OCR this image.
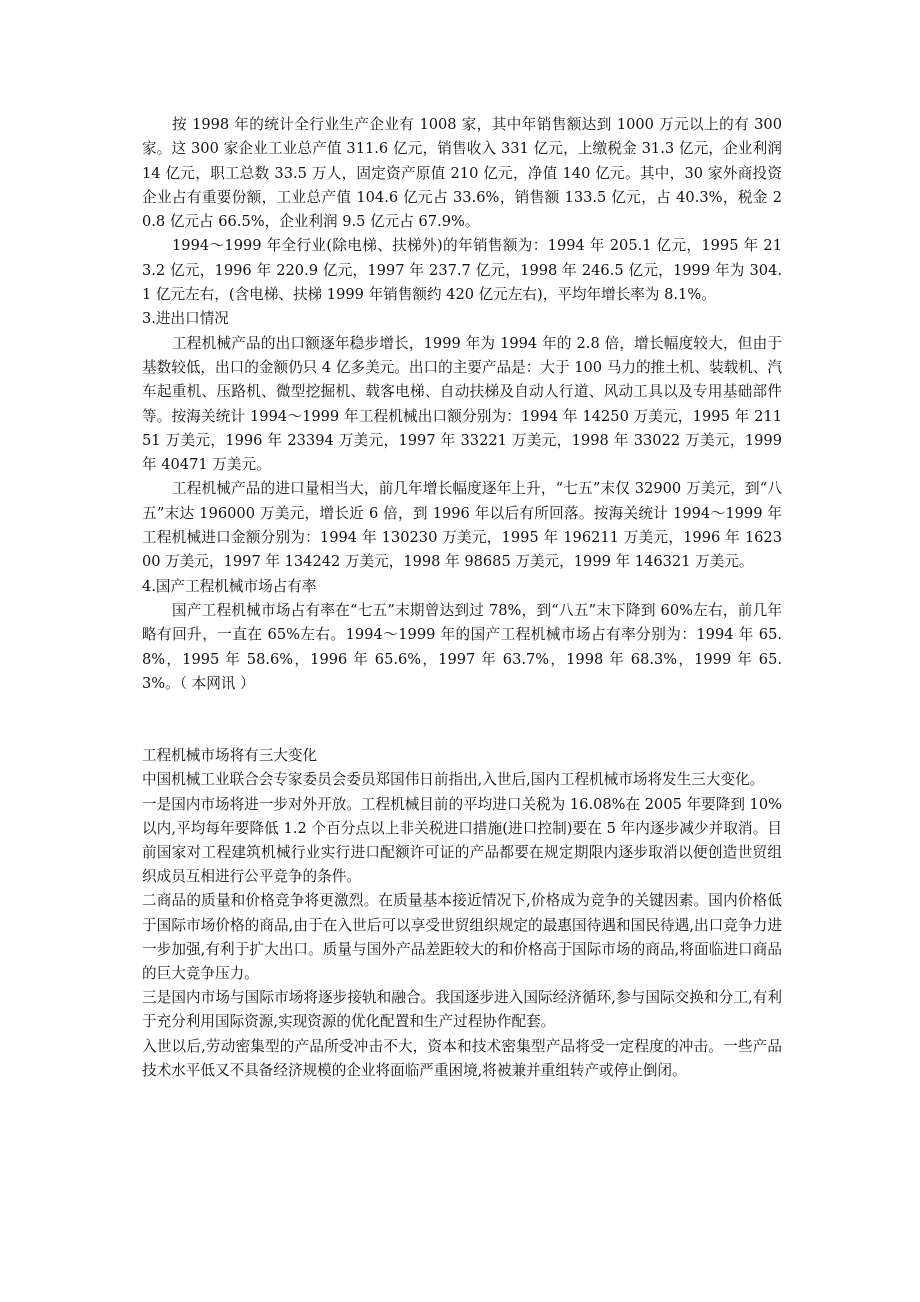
按 1998 年的统计全行业生产企业有 1008 家，其中年销售额达到 1000 万元以上的有 300 家。这 300 家企业工业总产值 311.6 亿元，销售收入 331 亿元，上缴税金 31.3 亿元，企业利润 14 亿元，职工总数 33.5 万人，固定资产原值 210 亿元，净值 140 亿元。其中，30 家外商投资企业占有重要份额，工业总产值 104.6 亿元占 33.6%，销售额 133.5 亿元，占 40.3%，税金 20.8 亿元占 66.5%，企业利润 9.5 亿元占 67.9%。

1994～1999 年全行业(除电梯、扶梯外)的年销售额为：1994 年 205.1 亿元，1995 年 213.2 亿元，1996 年 220.9 亿元，1997 年 237.7 亿元，1998 年 246.5 亿元，1999 年为 304.1 亿元左右，(含电梯、扶梯 1999 年销售额约 420 亿元左右)，平均年增长率为 8.1%。

3.进出口情况

工程机械产品的出口额逐年稳步增长，1999 年为 1994 年的 2.8 倍，增长幅度较大，但由于基数较低，出口的金额仍只 4 亿多美元。出口的主要产品是：大于 100 马力的推土机、装载机、汽车起重机、压路机、微型挖掘机、载客电梯、自动扶梯及自动人行道、风动工具以及专用基础部件等。按海关统计 1994～1999 年工程机械出口额分别为：1994 年 14250 万美元，1995 年 21151 万美元，1996 年 23394 万美元，1997 年 33221 万美元，1998 年 33022 万美元，1999 年 40471 万美元。

工程机械产品的进口量相当大，前几年增长幅度逐年上升，“七五”末仅 32900 万美元，到“八五”末达 196000 万美元，增长近 6 倍，到 1996 年以后有所回落。按海关统计 1994～1999 年工程机械进口金额分别为：1994 年 130230 万美元，1995 年 196211 万美元，1996 年 162300 万美元，1997 年 134242 万美元，1998 年 98685 万美元，1999 年 146321 万美元。

4.国产工程机械市场占有率

国产工程机械市场占有率在“七五”末期曾达到过 78%，到“八五”末下降到 60%左右，前几年略有回升，一直在 65%左右。1994～1999 年的国产工程机械市场占有率分别为：1994 年 65.8%，1995 年 58.6%，1996 年 65.6%，1997 年 63.7%，1998 年 68.3%，1999 年 65.3%。（ 本网讯 ）

工程机械市场将有三大变化

中国机械工业联合会专家委员会委员郑国伟日前指出,入世后,国内工程机械市场将发生三大变化。

一是国内市场将进一步对外开放。工程机械目前的平均进口关税为 16.08%在 2005 年要降到 10%以内,平均每年要降低 1.2 个百分点以上非关税进口措施(进口控制)要在 5 年内逐步减少并取消。目前国家对工程建筑机械行业实行进口配额许可证的产品都要在规定期限内逐步取消以便创造世贸组织成员互相进行公平竞争的条件。

二商品的质量和价格竞争将更激烈。在质量基本接近情况下,价格成为竞争的关键因素。国内价格低于国际市场价格的商品,由于在入世后可以享受世贸组织规定的最惠国待遇和国民待遇,出口竞争力进一步加强,有利于扩大出口。质量与国外产品差距较大的和价格高于国际市场的商品,将面临进口商品的巨大竞争压力。

三是国内市场与国际市场将逐步接轨和融合。我国逐步进入国际经济循环,参与国际交换和分工,有利于充分利用国际资源,实现资源的优化配置和生产过程协作配套。

入世以后,劳动密集型的产品所受冲击不大，资本和技术密集型产品将受一定程度的冲击。一些产品技术水平低又不具备经济规模的企业将面临严重困境,将被兼并重组转产或停止倒闭。
